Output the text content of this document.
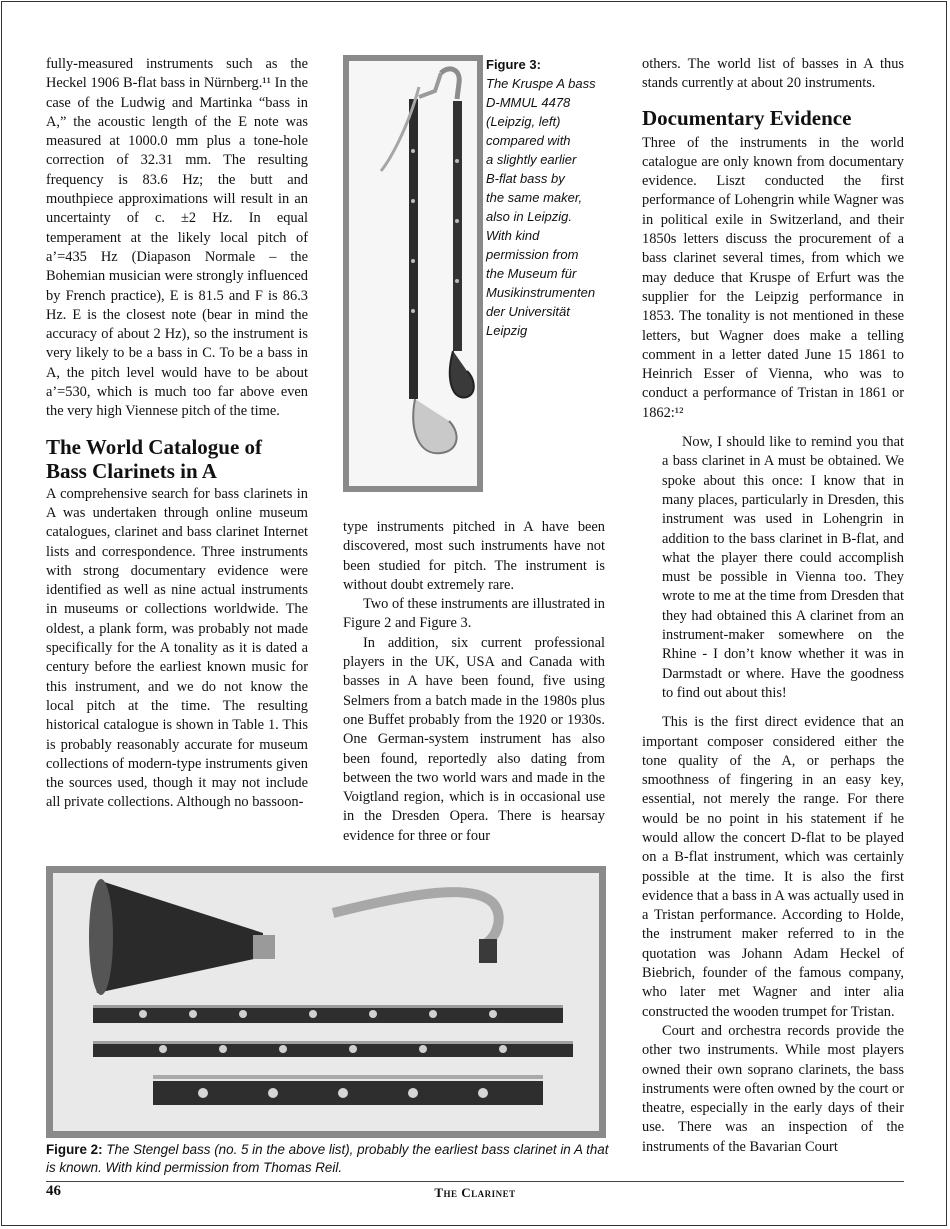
fully-measured instruments such as the Heckel 1906 B-flat bass in Nürnberg.¹¹ In the case of the Ludwig and Martinka “bass in A,” the acoustic length of the E note was measured at 1000.0 mm plus a tone-hole correction of 32.31 mm. The resulting frequency is 83.6 Hz; the butt and mouthpiece approximations will result in an uncertainty of c. ±2 Hz. In equal temperament at the likely local pitch of a’=435 Hz (Diapason Normale – the Bohemian musician were strongly influenced by French practice), E is 81.5 and F is 86.3 Hz. E is the closest note (bear in mind the accuracy of about 2 Hz), so the instrument is very likely to be a bass in C. To be a bass in A, the pitch level would have to be about a’=530, which is much too far above even the very high Viennese pitch of the time.

The World Catalogue of Bass Clarinets in A

A comprehensive search for bass clarinets in A was undertaken through online museum catalogues, clarinet and bass clarinet Internet lists and correspondence. Three instruments with strong documentary evidence were identified as well as nine actual instruments in museums or collections worldwide. The oldest, a plank form, was probably not made specifically for the A tonality as it is dated a century before the earliest known music for this instrument, and we do not know the local pitch at the time. The resulting historical catalogue is shown in Table 1. This is probably reasonably accurate for museum collections of modern-type instruments given the sources used, though it may not include all private collections. Although no bassoon-

Figure 3:
The Kruspe A bass
D-MMUL 4478
(Leipzig, left)
compared with
a slightly earlier
B-flat bass by
the same maker,
also in Leipzig.
With kind
permission from
the Museum für
Musikinstrumenten
der Universität
Leipzig

type instruments pitched in A have been discovered, most such instruments have not been studied for pitch. The instrument is without doubt extremely rare.

Two of these instruments are illustrated in Figure 2 and Figure 3.

In addition, six current professional players in the UK, USA and Canada with basses in A have been found, five using Selmers from a batch made in the 1980s plus one Buffet probably from the 1920 or 1930s. One German-system instrument has also been found, reportedly also dating from between the two world wars and made in the Voigtland region, which is in occasional use in the Dresden Opera. There is hearsay evidence for three or four

others. The world list of basses in A thus stands currently at about 20 instruments.

Documentary Evidence

Three of the instruments in the world catalogue are only known from documentary evidence. Liszt conducted the first performance of Lohengrin while Wagner was in political exile in Switzerland, and their 1850s letters discuss the procurement of a bass clarinet several times, from which we may deduce that Kruspe of Erfurt was the supplier for the Leipzig performance in 1853. The tonality is not mentioned in these letters, but Wagner does make a telling comment in a letter dated June 15 1861 to Heinrich Esser of Vienna, who was to conduct a performance of Tristan in 1861 or 1862:¹²

Now, I should like to remind you that a bass clarinet in A must be obtained. We spoke about this once: I know that in many places, particularly in Dresden, this instrument was used in Lohengrin in addition to the bass clarinet in B-flat, and what the player there could accomplish must be possible in Vienna too. They wrote to me at the time from Dresden that they had obtained this A clarinet from an instrument-maker somewhere on the Rhine - I don’t know whether it was in Darmstadt or where. Have the goodness to find out about this!

This is the first direct evidence that an important composer considered either the tone quality of the A, or perhaps the smoothness of fingering in an easy key, essential, not merely the range. For there would be no point in his statement if he would allow the concert D-flat to be played on a B-flat instrument, which was certainly possible at the time. It is also the first evidence that a bass in A was actually used in a Tristan performance. According to Holde, the instrument maker referred to in the quotation was Johann Adam Heckel of Biebrich, founder of the famous company, who later met Wagner and inter alia constructed the wooden trumpet for Tristan.

Court and orchestra records provide the other two instruments. While most players owned their own soprano clarinets, the bass instruments were often owned by the court or theatre, especially in the early days of their use. There was an inspection of the instruments of the Bavarian Court

Figure 2: The Stengel bass (no. 5 in the above list), probably the earliest bass clarinet in A that is known. With kind permission from Thomas Reil.
46	The Clarinet
